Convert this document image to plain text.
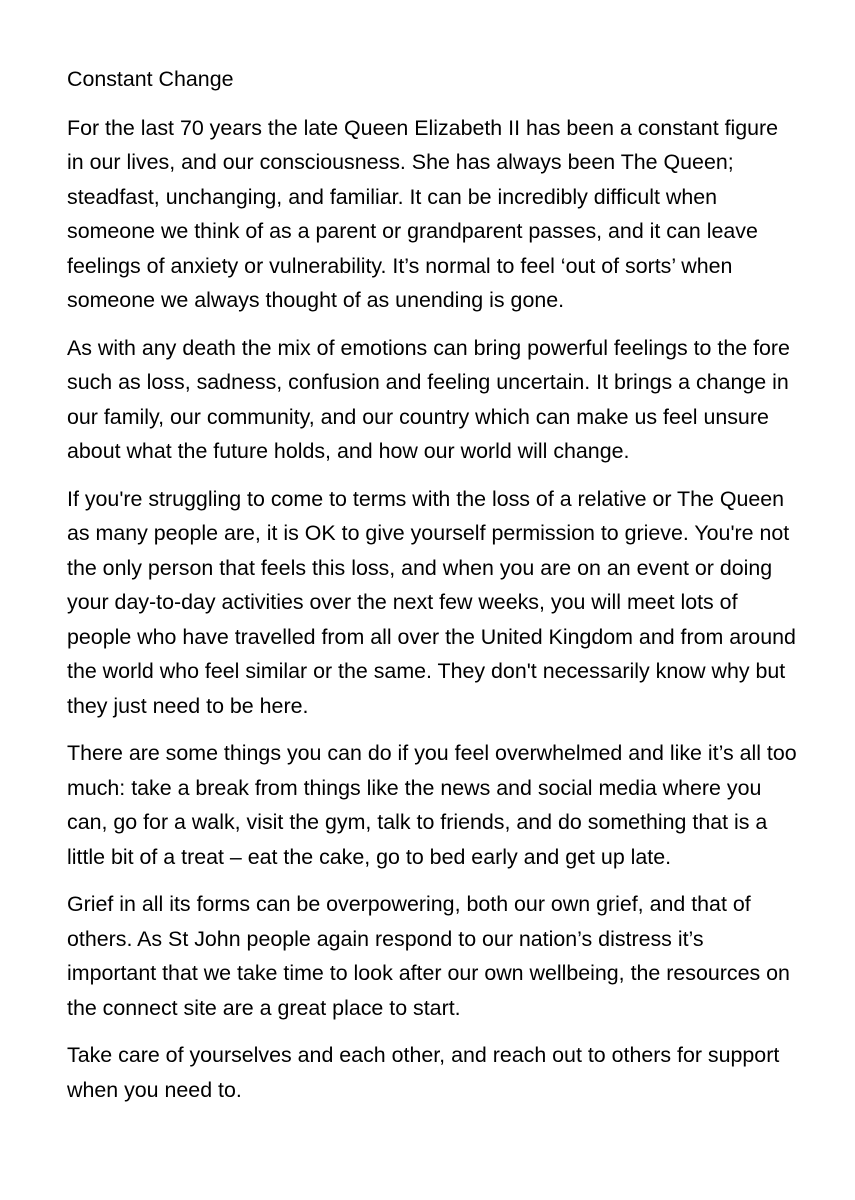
Constant Change

For the last 70 years the late Queen Elizabeth II has been a constant figure in our lives, and our consciousness. She has always been The Queen; steadfast, unchanging, and familiar. It can be incredibly difficult when someone we think of as a parent or grandparent passes, and it can leave feelings of anxiety or vulnerability. It’s normal to feel ‘out of sorts’ when someone we always thought of as unending is gone.

As with any death the mix of emotions can bring powerful feelings to the fore such as loss, sadness, confusion and feeling uncertain. It brings a change in our family, our community, and our country which can make us feel unsure about what the future holds, and how our world will change.

If you're struggling to come to terms with the loss of a relative or The Queen as many people are, it is OK to give yourself permission to grieve. You're not the only person that feels this loss, and when you are on an event or doing your day-to-day activities over the next few weeks, you will meet lots of people who have travelled from all over the United Kingdom and from around the world who feel similar or the same. They don't necessarily know why but they just need to be here.

There are some things you can do if you feel overwhelmed and like it’s all too much: take a break from things like the news and social media where you can, go for a walk, visit the gym, talk to friends, and do something that is a little bit of a treat – eat the cake, go to bed early and get up late.

Grief in all its forms can be overpowering, both our own grief, and that of others. As St John people again respond to our nation’s distress it’s important that we take time to look after our own wellbeing, the resources on the connect site are a great place to start.

Take care of yourselves and each other, and reach out to others for support when you need to.
